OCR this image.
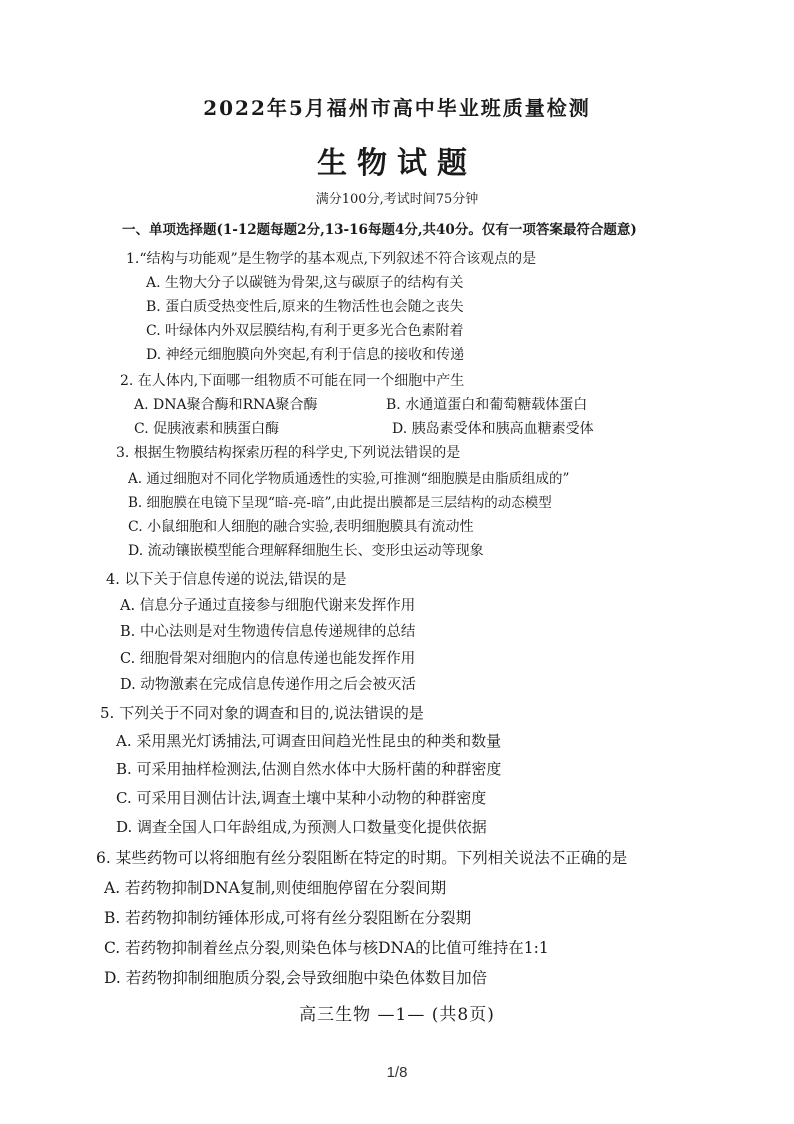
2022年5月福州市高中毕业班质量检测
生物试题
满分100分,考试时间75分钟
一、单项选择题(1-12题每题2分,13-16每题4分,共40分。仅有一项答案最符合题意)
1.“结构与功能观”是生物学的基本观点,下列叙述不符合该观点的是
A. 生物大分子以碳链为骨架,这与碳原子的结构有关
B. 蛋白质受热变性后,原来的生物活性也会随之丧失
C. 叶绿体内外双层膜结构,有利于更多光合色素附着
D. 神经元细胞膜向外突起,有利于信息的接收和传递
2. 在人体内,下面哪一组物质不可能在同一个细胞中产生
A. DNA聚合酶和RNA聚合酶	B. 水通道蛋白和葡萄糖载体蛋白
C. 促胰液素和胰蛋白酶	D. 胰岛素受体和胰高血糖素受体
3. 根据生物膜结构探索历程的科学史,下列说法错误的是
A. 通过细胞对不同化学物质通透性的实验,可推测“细胞膜是由脂质组成的”
B. 细胞膜在电镜下呈现“暗-亮-暗”,由此提出膜都是三层结构的动态模型
C. 小鼠细胞和人细胞的融合实验,表明细胞膜具有流动性
D. 流动镶嵌模型能合理解释细胞生长、变形虫运动等现象
4. 以下关于信息传递的说法,错误的是
A. 信息分子通过直接参与细胞代谢来发挥作用
B. 中心法则是对生物遗传信息传递规律的总结
C. 细胞骨架对细胞内的信息传递也能发挥作用
D. 动物激素在完成信息传递作用之后会被灭活
5. 下列关于不同对象的调查和目的,说法错误的是
A. 采用黑光灯诱捕法,可调查田间趋光性昆虫的种类和数量
B. 可采用抽样检测法,估测自然水体中大肠杆菌的种群密度
C. 可采用目测估计法,调查土壤中某种小动物的种群密度
D. 调查全国人口年龄组成,为预测人口数量变化提供依据
6. 某些药物可以将细胞有丝分裂阻断在特定的时期。下列相关说法不正确的是
A. 若药物抑制DNA复制,则使细胞停留在分裂间期
B. 若药物抑制纺锤体形成,可将有丝分裂阻断在分裂期
C. 若药物抑制着丝点分裂,则染色体与核DNA的比值可维持在1:1
D. 若药物抑制细胞质分裂,会导致细胞中染色体数目加倍
高三生物 —1— (共8页)
1/8
